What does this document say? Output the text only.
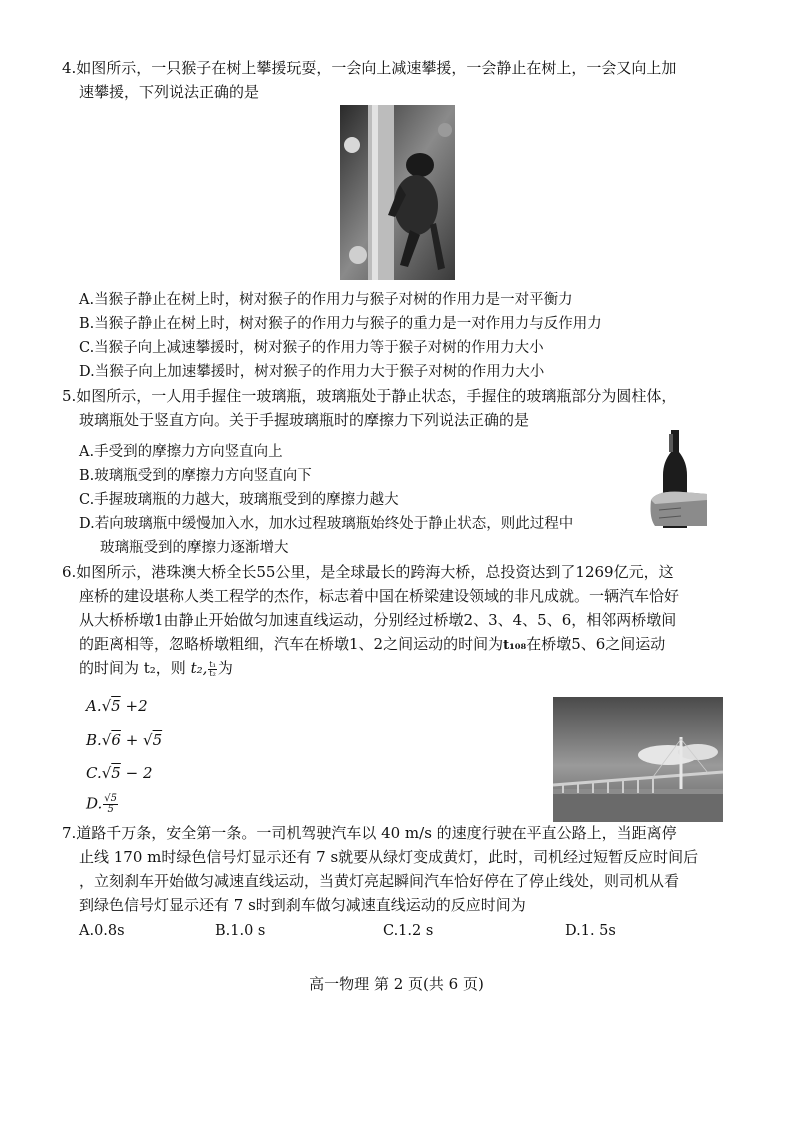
4.如图所示，一只猴子在树上攀援玩耍，一会向上减速攀援，一会静止在树上，一会又向上加
速攀援，下列说法正确的是
A.当猴子静止在树上时，树对猴子的作用力与猴子对树的作用力是一对平衡力
B.当猴子静止在树上时，树对猴子的作用力与猴子的重力是一对作用力与反作用力
C.当猴子向上减速攀援时，树对猴子的作用力等于猴子对树的作用力大小
D.当猴子向上加速攀援时，树对猴子的作用力大于猴子对树的作用力大小
5.如图所示，一人用手握住一玻璃瓶，玻璃瓶处于静止状态，手握住的玻璃瓶部分为圆柱体，
玻璃瓶处于竖直方向。关于手握玻璃瓶时的摩擦力下列说法正确的是
A.手受到的摩擦力方向竖直向上
B.玻璃瓶受到的摩擦力方向竖直向下
C.手握玻璃瓶的力越大，玻璃瓶受到的摩擦力越大
D.若向玻璃瓶中缓慢加入水，加水过程玻璃瓶始终处于静止状态，则此过程中
玻璃瓶受到的摩擦力逐渐增大
6.如图所示，港珠澳大桥全长55公里，是全球最长的跨海大桥，总投资达到了1269亿元，这
座桥的建设堪称人类工程学的杰作，标志着中国在桥梁建设领域的非凡成就。一辆汽车恰好
从大桥桥墩1由静止开始做匀加速直线运动，分别经过桥墩2、3、4、5、6，相邻两桥墩间
的距离相等，忽略桥墩粗细，汽车在桥墩1、2之间运动的时间为t₁₀₈在桥墩5、6之间运动
的时间为 t₂，则 t₂, $\frac{\text{t₁}}{\text{t₂}}$ 为
A.√5 +2
B.√6 + √5
C.√5 − 2
D. $\frac{√5}{5}$
7.道路千万条，安全第一条。一司机驾驶汽车以 40 m/s 的速度行驶在平直公路上，当距离停
止线 170 m时绿色信号灯显示还有 7 s就要从绿灯变成黄灯，此时，司机经过短暂反应时间后
，立刻刹车开始做匀减速直线运动，当黄灯亮起瞬间汽车恰好停在了停止线处，则司机从看
到绿色信号灯显示还有 7 s时到刹车做匀减速直线运动的反应时间为
A.0.8s	B.1.0 s	C.1.2 s	D.1. 5s
高一物理 第 2 页(共 6 页)
